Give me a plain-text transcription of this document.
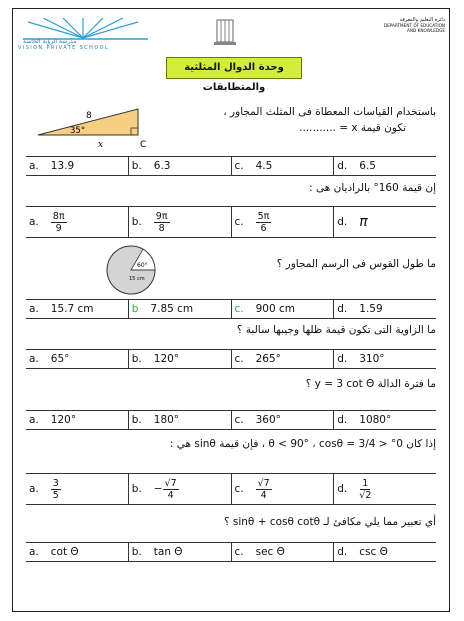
مدرسة الرؤية الخاصة
VISION PRIVATE SCHOOL
دائرة التعليم والمعرفة
DEPARTMENT OF EDUCATION
AND KNOWLEDGE
وحدة الدوال المثلثية والمتطابقات
8
35°
x	C
باستخدام القياسات المعطاة فى المثلث المجاور ،
تكون قيمة x = ...........
a. 13.9	b. 6.3	c. 4.5	d. 6.5
إن قيمة 160° بالراديان هى :
a. $\frac{8\pi}{9}$	b. $\frac{9\pi}{8}$	c. $\frac{5\pi}{6}$	d. π
60°
15 cm
ما طول القوس فى الرسم المجاور ؟
a. 15.7 cm	b 7.85 cm	c. 900 cm	d. 1.59
ما الزاوية التى تكون قيمة ظلها وجيبها سالبة ؟
a. 65°	b. 120°	c. 265°	d. 310°
ما فترة الدالة y = 3 cot Θ ؟
a. 120°	b. 180°	c. 360°	d. 1080°
إذا كان 0° < θ < 90° ، cosθ = 3/4 ، فإن قيمة sinθ هي :
a. $\frac{3}{5}$	b. − $\frac{√7}{4}$	c. $\frac{√7}{4}$	d. $\frac{1}{√2}$
أي تعبير مما يلي مكافئ لـ sinθ + cosθ cotθ ؟
a. cot Θ	b. tan Θ	c. sec Θ	d. csc Θ
